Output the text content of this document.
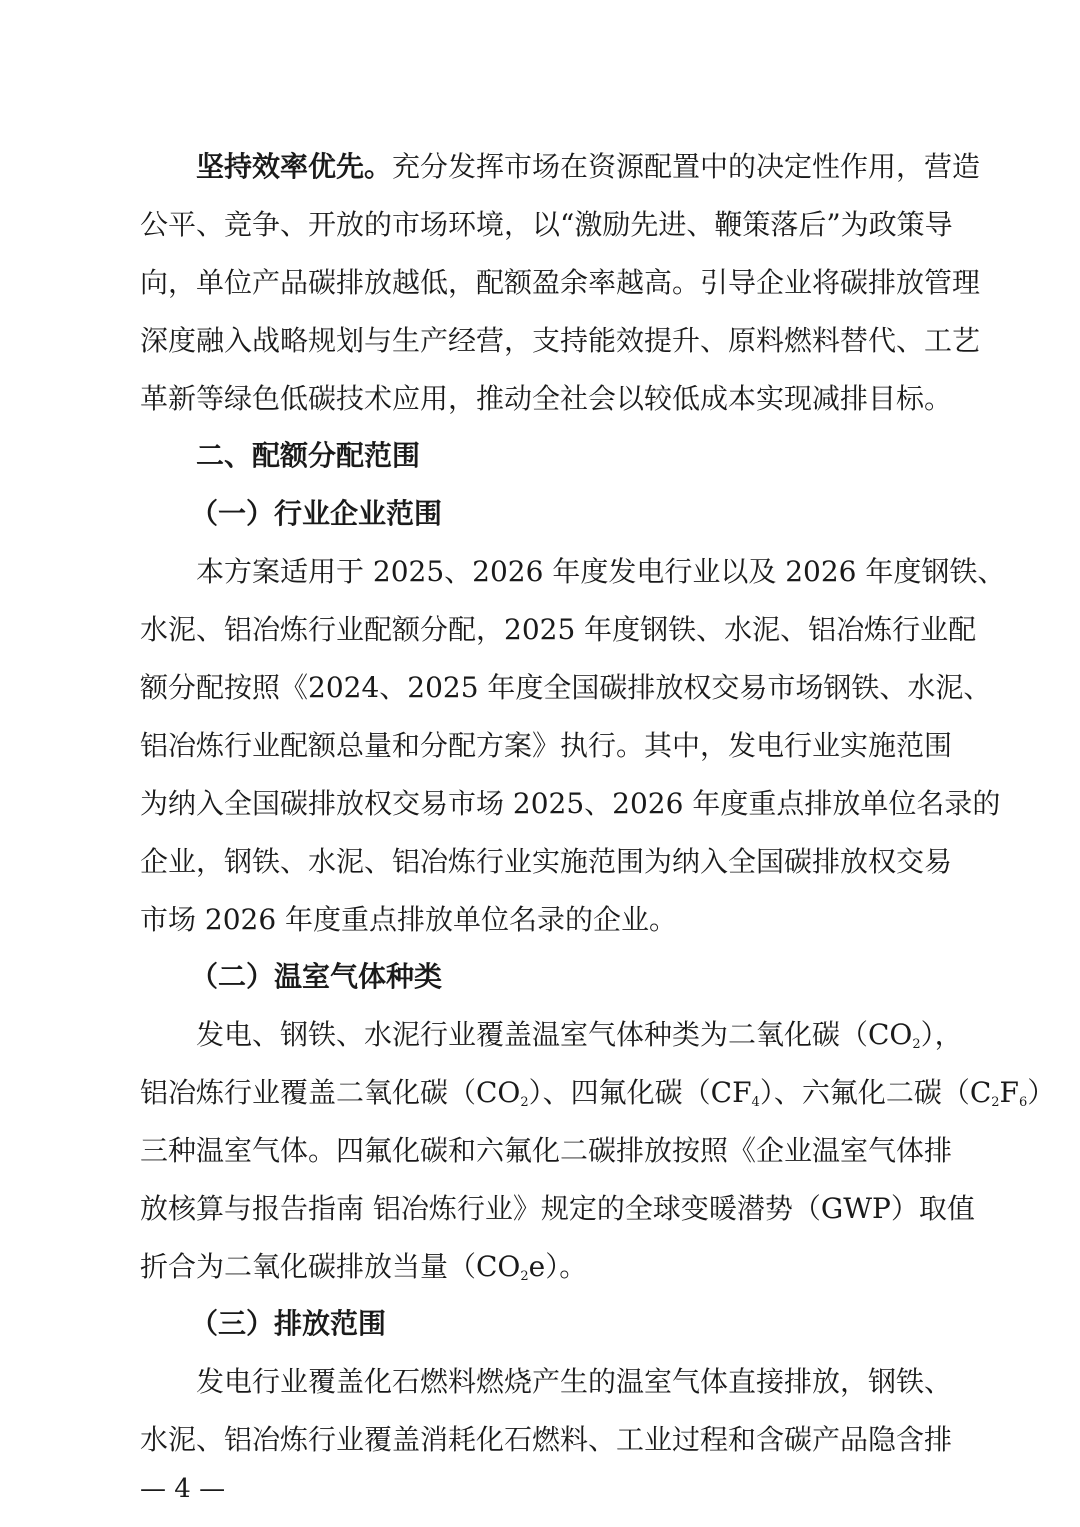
坚持效率优先。充分发挥市场在资源配置中的决定性作用，营造
公平、竞争、开放的市场环境，以“激励先进、鞭策落后”为政策导
向，单位产品碳排放越低，配额盈余率越高。引导企业将碳排放管理
深度融入战略规划与生产经营，支持能效提升、原料燃料替代、工艺
革新等绿色低碳技术应用，推动全社会以较低成本实现减排目标。
二、配额分配范围
（一）行业企业范围
本方案适用于 2025、2026 年度发电行业以及 2026 年度钢铁、
水泥、铝冶炼行业配额分配，2025 年度钢铁、水泥、铝冶炼行业配
额分配按照《2024、2025 年度全国碳排放权交易市场钢铁、水泥、
铝冶炼行业配额总量和分配方案》执行。其中，发电行业实施范围
为纳入全国碳排放权交易市场 2025、2026 年度重点排放单位名录的
企业，钢铁、水泥、铝冶炼行业实施范围为纳入全国碳排放权交易
市场 2026 年度重点排放单位名录的企业。
（二）温室气体种类
发电、钢铁、水泥行业覆盖温室气体种类为二氧化碳$(CO_2)$，
铝冶炼行业覆盖二氧化碳$(CO_2)$、四氟化碳$(CF_4)$、六氟化二碳$(C_2F_6)$
三种温室气体。四氟化碳和六氟化二碳排放按照《企业温室气体排
放核算与报告指南 铝冶炼行业》规定的全球变暖潜势（GWP）取值
折合为二氧化碳排放当量$(CO_2e)$。
（三）排放范围
发电行业覆盖化石燃料燃烧产生的温室气体直接排放，钢铁、
水泥、铝冶炼行业覆盖消耗化石燃料、工业过程和含碳产品隐含排
— 4 —
